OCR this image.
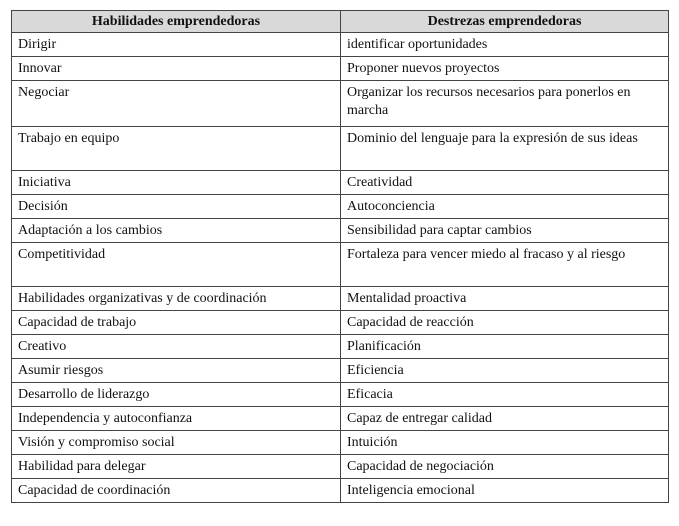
Habilidades emprendedoras	Destrezas emprendedoras
Dirigir	identificar oportunidades
Innovar	Proponer nuevos proyectos
Negociar	Organizar los recursos necesarios para ponerlos en marcha
Trabajo en equipo	Dominio del lenguaje para la expresión de sus ideas
Iniciativa	Creatividad
Decisión	Autoconciencia
Adaptación a los cambios	Sensibilidad para captar cambios
Competitividad	Fortaleza para vencer miedo al fracaso y al riesgo
Habilidades organizativas y de coordinación	Mentalidad proactiva
Capacidad de trabajo	Capacidad de reacción
Creativo	Planificación
Asumir riesgos	Eficiencia
Desarrollo de liderazgo	Eficacia
Independencia y autoconfianza	Capaz de entregar calidad
Visión y compromiso social	Intuición
Habilidad para delegar	Capacidad de negociación
Capacidad de coordinación	Inteligencia emocional
